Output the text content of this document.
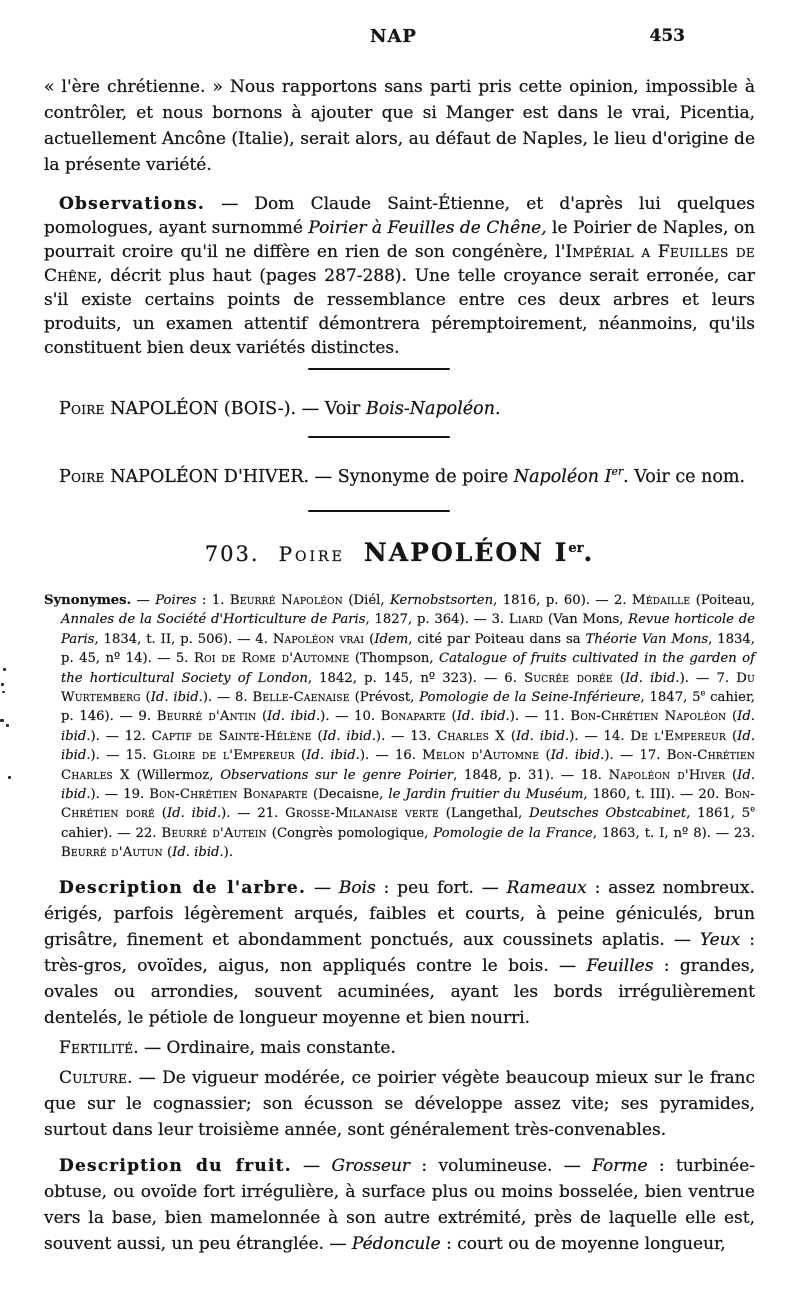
NAP	453

« l'ère chrétienne. » Nous rapportons sans parti pris cette opinion, impossible à contrôler, et nous bornons à ajouter que si Manger est dans le vrai, Picentia, actuellement Ancône (Italie), serait alors, au défaut de Naples, le lieu d'origine de la présente variété.

Observations. — Dom Claude Saint-Étienne, et d'après lui quelques pomologues, ayant surnommé Poirier à Feuilles de Chêne, le Poirier de Naples, on pourrait croire qu'il ne diffère en rien de son congénère, l'Impérial a Feuilles de Chêne, décrit plus haut (pages 287-288). Une telle croyance serait erronée, car s'il existe certains points de ressemblance entre ces deux arbres et leurs produits, un examen attentif démontrera péremptoirement, néanmoins, qu'ils constituent bien deux variétés distinctes.

Poire NAPOLÉON (BOIS-). — Voir Bois-Napoléon.

Poire NAPOLÉON D'HIVER. — Synonyme de poire Napoléon Ier. Voir ce nom.

703. Poire NAPOLÉON Ier.

Synonymes. — Poires : 1. Beurré Napoléon (Diél, Kernobstsorten, 1816, p. 60). — 2. Médaille (Poiteau, Annales de la Société d'Horticulture de Paris, 1827, p. 364). — 3. Liard (Van Mons, Revue horticole de Paris, 1834, t. II, p. 506). — 4. Napoléon vrai (Idem, cité par Poiteau dans sa Théorie Van Mons, 1834, p. 45, nº 14). — 5. Roi de Rome d'Automne (Thompson, Catalogue of fruits cultivated in the garden of the horticultural Society of London, 1842, p. 145, nº 323). — 6. Sucrée dorée (Id. ibid.). — 7. Du Wurtemberg (Id. ibid.). — 8. Belle-Caenaise (Prévost, Pomologie de la Seine-Inférieure, 1847, 5e cahier, p. 146). — 9. Beurré d'Antin (Id. ibid.). — 10. Bonaparte (Id. ibid.). — 11. Bon-Chrétien Napoléon (Id. ibid.). — 12. Captif de Sainte-Hélène (Id. ibid.). — 13. Charles X (Id. ibid.). — 14. De l'Empereur (Id. ibid.). — 15. Gloire de l'Empereur (Id. ibid.). — 16. Melon d'Automne (Id. ibid.). — 17. Bon-Chrétien Charles X (Willermoz, Observations sur le genre Poirier, 1848, p. 31). — 18. Napoléon d'Hiver (Id. ibid.). — 19. Bon-Chrétien Bonaparte (Decaisne, le Jardin fruitier du Muséum, 1860, t. III). — 20. Bon-Chrétien doré (Id. ibid.). — 21. Grosse-Milanaise verte (Langethal, Deutsches Obstcabinet, 1861, 5e cahier). — 22. Beurré d'Autein (Congrès pomologique, Pomologie de la France, 1863, t. I, nº 8). — 23. Beurré d'Autun (Id. ibid.).

Description de l'arbre. — Bois : peu fort. — Rameaux : assez nombreux. érigés, parfois légèrement arqués, faibles et courts, à peine géniculés, brun grisâtre, finement et abondamment ponctués, aux coussinets aplatis. — Yeux : très-gros, ovoïdes, aigus, non appliqués contre le bois. — Feuilles : grandes, ovales ou arrondies, souvent acuminées, ayant les bords irrégulièrement dentelés, le pétiole de longueur moyenne et bien nourri.

Fertilité. — Ordinaire, mais constante.

Culture. — De vigueur modérée, ce poirier végète beaucoup mieux sur le franc que sur le cognassier; son écusson se développe assez vite; ses pyramides, surtout dans leur troisième année, sont généralement très-convenables.

Description du fruit. — Grosseur : volumineuse. — Forme : turbinée-obtuse, ou ovoïde fort irrégulière, à surface plus ou moins bosselée, bien ventrue vers la base, bien mamelonnée à son autre extrémité, près de laquelle elle est, souvent aussi, un peu étranglée. — Pédoncule : court ou de moyenne longueur,
